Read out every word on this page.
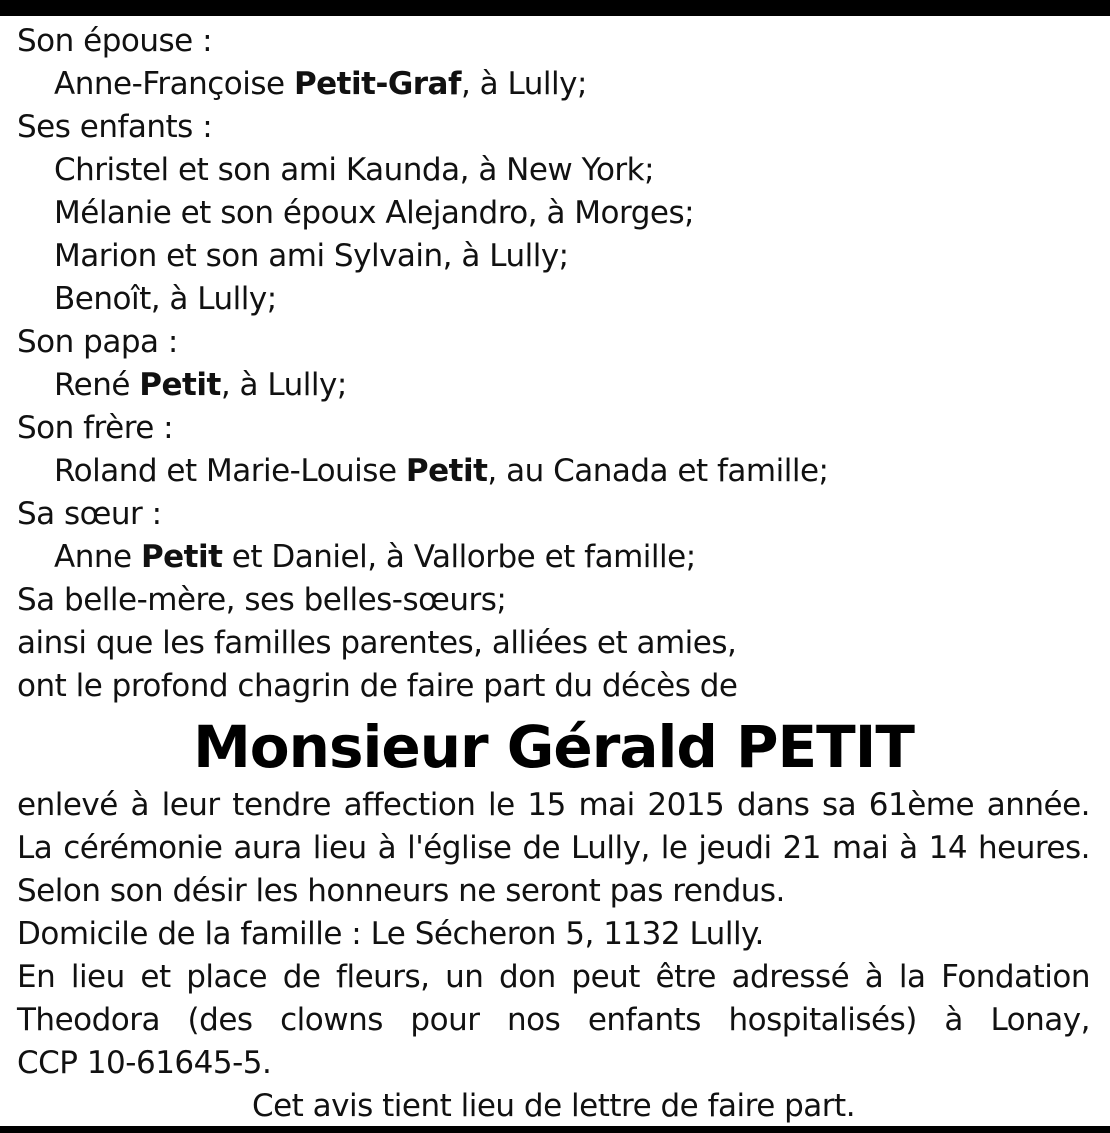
Son épouse :
Anne-Françoise Petit-Graf, à Lully;
Ses enfants :
Christel et son ami Kaunda, à New York;
Mélanie et son époux Alejandro, à Morges;
Marion et son ami Sylvain, à Lully;
Benoît, à Lully;
Son papa :
René Petit, à Lully;
Son frère :
Roland et Marie-Louise Petit, au Canada et famille;
Sa sœur :
Anne Petit et Daniel, à Vallorbe et famille;
Sa belle-mère, ses belles-sœurs;
ainsi que les familles parentes, alliées et amies,
ont le profond chagrin de faire part du décès de
Monsieur Gérald PETIT
enlevé à leur tendre affection le 15 mai 2015 dans sa 61ème année.
La cérémonie aura lieu à l'église de Lully, le jeudi 21 mai à 14 heures.
Selon son désir les honneurs ne seront pas rendus.
Domicile de la famille : Le Sécheron 5, 1132 Lully.
En lieu et place de fleurs, un don peut être adressé à la Fondation
Theodora (des clowns pour nos enfants hospitalisés) à Lonay,
CCP 10-61645-5.
Cet avis tient lieu de lettre de faire part.
